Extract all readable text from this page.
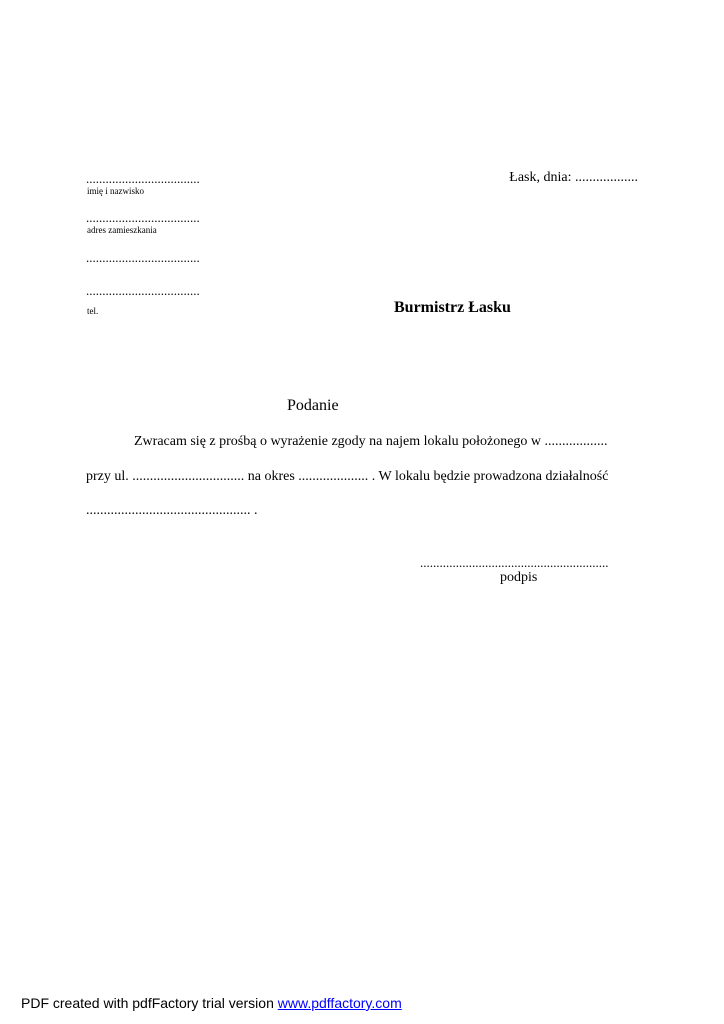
...................................
imię i nazwisko
...................................
adres zamieszkania
...................................
...................................
tel.
Łask, dnia: ..................
Burmistrz Łasku
Podanie
Zwracam się z prośbą o wyrażenie zgody na najem lokalu położonego w ..................
przy ul. ................................ na okres .................... . W lokalu będzie prowadzona działalność
............................................... .
..........................................................
podpis
PDF created with pdfFactory trial version www.pdffactory.com
